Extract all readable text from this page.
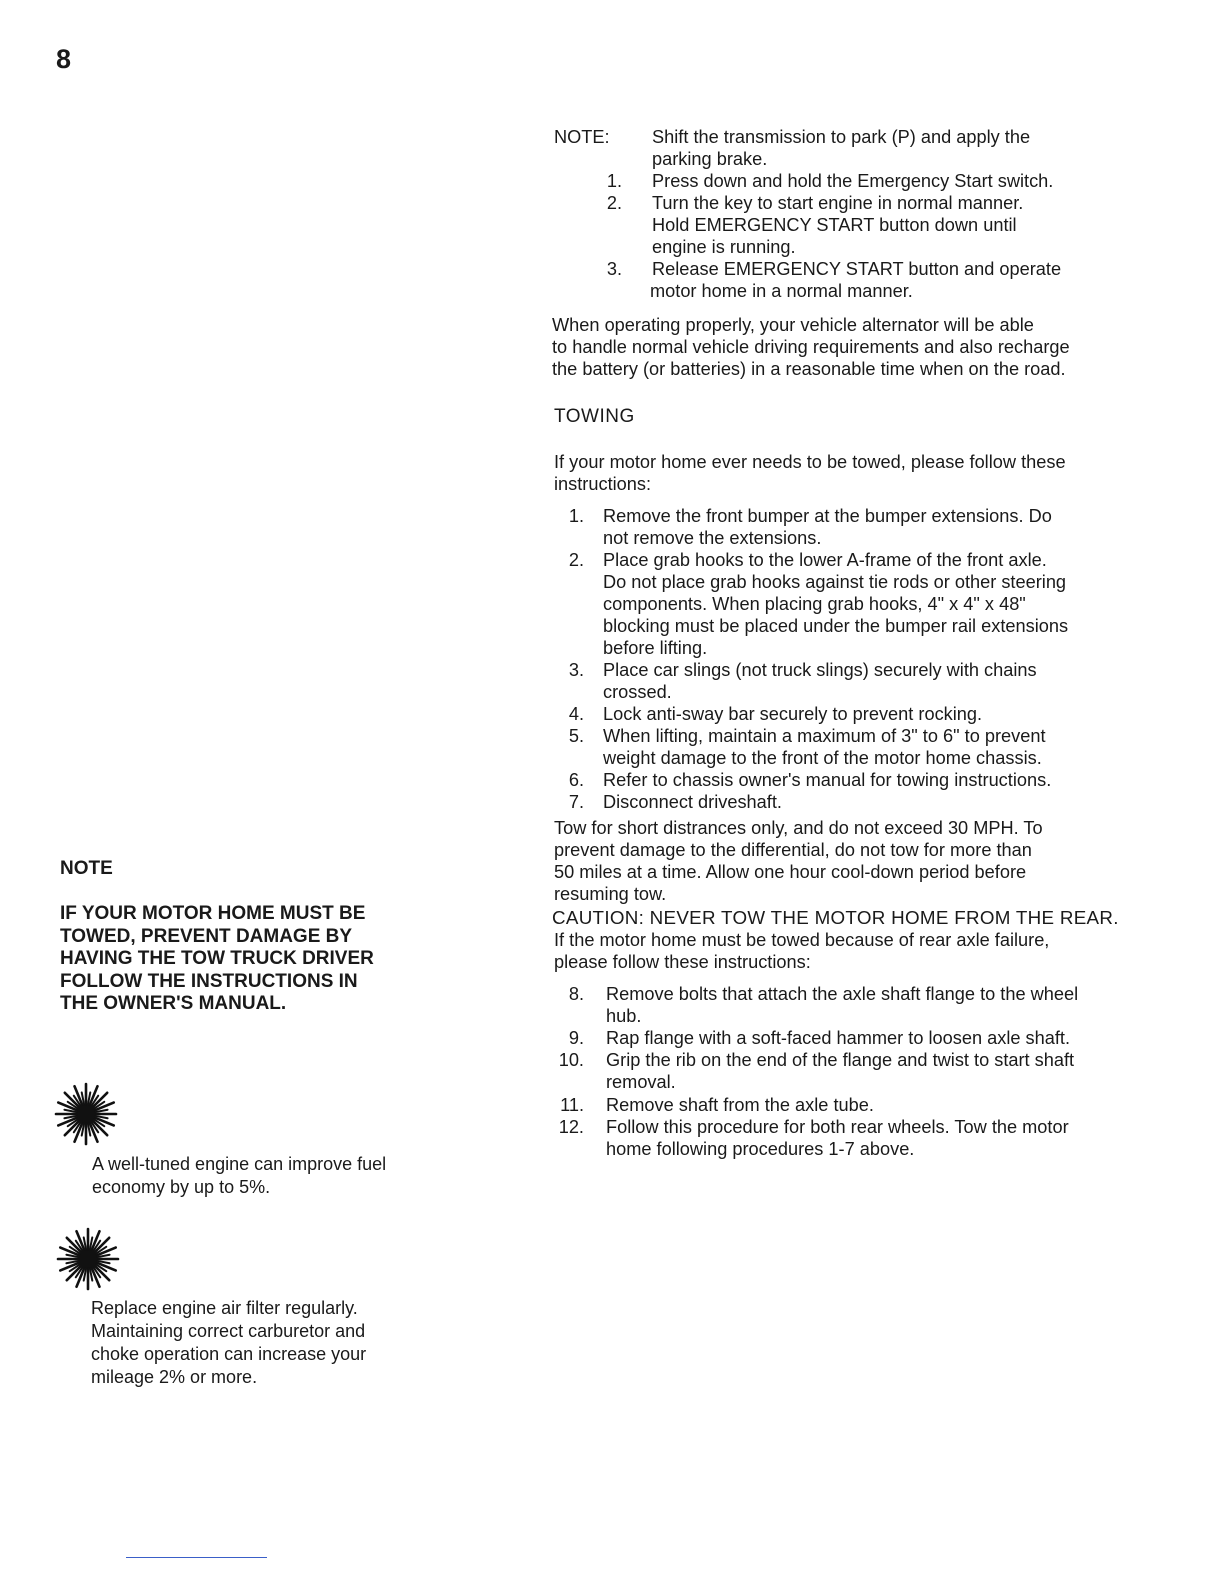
8
NOTE
IF YOUR MOTOR HOME MUST BE
TOWED, PREVENT DAMAGE BY
HAVING THE TOW TRUCK DRIVER
FOLLOW THE INSTRUCTIONS IN
THE OWNER'S MANUAL.
A well-tuned engine can improve fuel
economy by up to 5%.
Replace engine air filter regularly.
Maintaining correct carburetor and
choke operation can increase your
mileage 2% or more.
NOTE: Shift the transmission to park (P) and apply the
parking brake.
1. Press down and hold the Emergency Start switch.
2. Turn the key to start engine in normal manner.
Hold EMERGENCY START button down until
engine is running.
3. Release EMERGENCY START button and operate
motor home in a normal manner.
When operating properly, your vehicle alternator will be able
to handle normal vehicle driving requirements and also recharge
the battery (or batteries) in a reasonable time when on the road.
TOWING
If your motor home ever needs to be towed, please follow these
instructions:
1. Remove the front bumper at the bumper extensions. Do
not remove the extensions.
2. Place grab hooks to the lower A-frame of the front axle.
Do not place grab hooks against tie rods or other steering
components. When placing grab hooks, 4" x 4" x 48"
blocking must be placed under the bumper rail extensions
before lifting.
3. Place car slings (not truck slings) securely with chains
crossed.
4. Lock anti-sway bar securely to prevent rocking.
5. When lifting, maintain a maximum of 3" to 6" to prevent
weight damage to the front of the motor home chassis.
6. Refer to chassis owner's manual for towing instructions.
7. Disconnect driveshaft.
Tow for short distrances only, and do not exceed 30 MPH. To
prevent damage to the differential, do not tow for more than
50 miles at a time. Allow one hour cool-down period before
resuming tow.
CAUTION: NEVER TOW THE MOTOR HOME FROM THE REAR.
If the motor home must be towed because of rear axle failure,
please follow these instructions:
8. Remove bolts that attach the axle shaft flange to the wheel
hub.
9. Rap flange with a soft-faced hammer to loosen axle shaft.
10. Grip the rib on the end of the flange and twist to start shaft
removal.
11. Remove shaft from the axle tube.
12. Follow this procedure for both rear wheels. Tow the motor
home following procedures 1-7 above.
